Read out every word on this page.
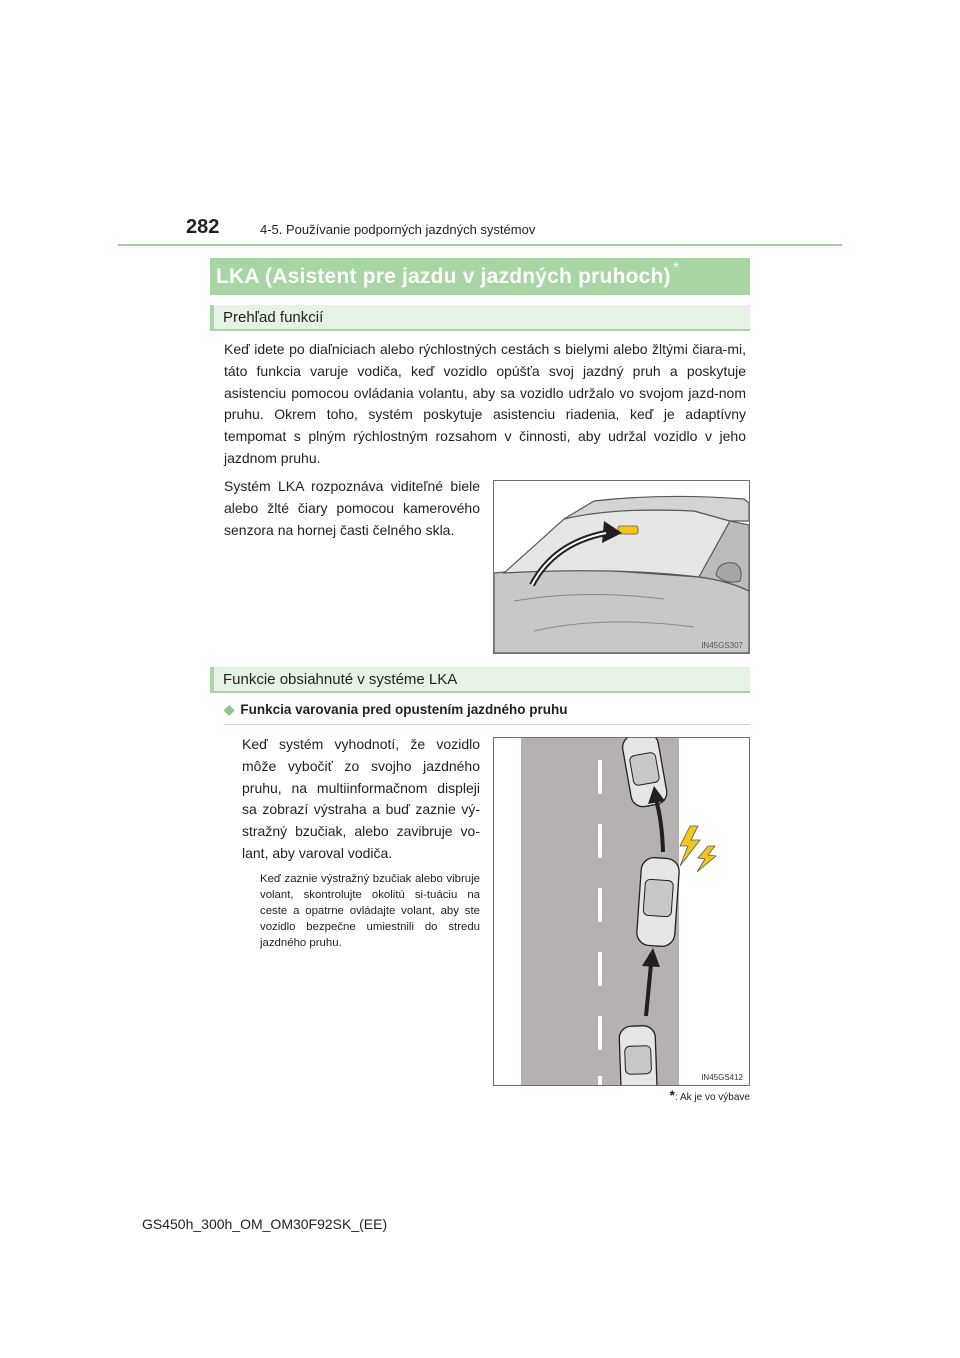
282	4-5. Používanie podporných jazdných systémov
LKA (Asistent pre jazdu v jazdných pruhoch) *
Prehľad funkcií
Keď idete po diaľniciach alebo rýchlostných cestách s bielymi alebo žltými čiara-mi, táto funkcia varuje vodiča, keď vozidlo opúšťa svoj jazdný pruh a poskytuje asistenciu pomocou ovládania volantu, aby sa vozidlo udržalo vo svojom jazd-nom pruhu. Okrem toho, systém poskytuje asistenciu riadenia, keď je adaptívny tempomat s plným rýchlostným rozsahom v činnosti, aby udržal vozidlo v jeho jazdnom pruhu.
Systém LKA rozpoznáva viditeľné biele alebo žlté čiary pomocou kamerového senzora na hornej časti čelného skla.
IN45GS307
Funkcie obsiahnuté v systéme LKA
◆ Funkcia varovania pred opustením jazdného pruhu
Keď systém vyhodnotí, že vozidlo môže vybočiť zo svojho jazdného pruhu, na multiinformačnom displeji sa zobrazí výstraha a buď zaznie vý-stražný bzučiak, alebo zavibruje vo-lant, aby varoval vodiča.
Keď zaznie výstražný bzučiak alebo vibruje volant, skontrolujte okolitú si-tuáciu na ceste a opatrne ovládajte volant, aby ste vozidlo bezpečne umiestnili do stredu jazdného pruhu.
IN45GS412
*: Ak je vo výbave
GS450h_300h_OM_OM30F92SK_(EE)
